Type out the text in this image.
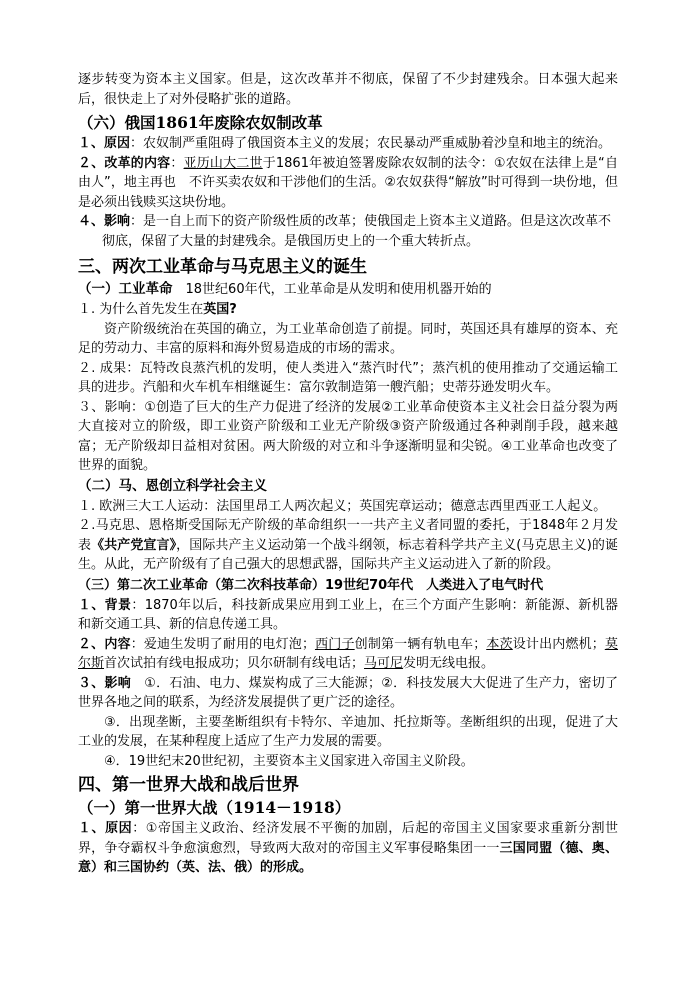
逐步转变为资本主义国家。但是，这次改革并不彻底，保留了不少封建残余。日本强大起来后，很快走上了对外侵略扩张的道路。

（六）俄国1861年废除农奴制改革

１、原因：农奴制严重阻碍了俄国资本主义的发展；农民暴动严重威胁着沙皇和地主的统治。

２、改革的内容：亚历山大二世于1861年被迫签署废除农奴制的法令：①农奴在法律上是“自由人”，地主再也　不许买卖农奴和干涉他们的生活。②农奴获得“解放”时可得到一块份地，但是必须出钱赎买这块份地。

４、影响：是一自上而下的资产阶级性质的改革；使俄国走上资本主义道路。但是这次改革不彻底，保留了大量的封建残余。是俄国历史上的一个重大转折点。

三、两次工业革命与马克思主义的诞生

（一）工业革命　18世纪60年代，工业革命是从发明和使用机器开始的

１. 为什么首先发生在英国?

资产阶级统治在英国的确立，为工业革命创造了前提。同时，英国还具有雄厚的资本、充足的劳动力、丰富的原料和海外贸易造成的市场的需求。

２. 成果：瓦特改良蒸汽机的发明，使人类进入“蒸汽时代”；蒸汽机的使用推动了交通运输工具的进步。汽船和火车机车相继诞生：富尔敦制造第一艘汽船；史蒂芬逊发明火车。

３、影响：①创造了巨大的生产力促进了经济的发展②工业革命使资本主义社会日益分裂为两大直接对立的阶级，即工业资产阶级和工业无产阶级③资产阶级通过各种剥削手段，越来越富；无产阶级却日益相对贫困。两大阶级的对立和斗争逐渐明显和尖锐。④工业革命也改变了世界的面貌。

（二）马、恩创立科学社会主义

１. 欧洲三大工人运动：法国里昂工人两次起义；英国宪章运动；德意志西里西亚工人起义。

２.马克思、恩格斯受国际无产阶级的革命组织一一共产主义者同盟的委托，于1848年２月发表《共产党宣言》，国际共产主义运动第一个战斗纲领，标志着科学共产主义(马克思主义)的诞生。从此，无产阶级有了自己强大的思想武器，国际共产主义运动进入了新的阶段。

（三）第二次工业革命（第二次科技革命）19世纪70年代　人类进入了电气时代

１、背景：1870年以后，科技新成果应用到工业上，在三个方面产生影响：新能源、新机器和新交通工具、新的信息传递工具。

２、内容：爱迪生发明了耐用的电灯泡；西门子创制第一辆有轨电车；本茨设计出内燃机；莫尔斯首次试拍有线电报成功；贝尔研制有线电话；马可尼发明无线电报。

３、影响　①．石油、电力、煤炭构成了三大能源；②．科技发展大大促进了生产力，密切了世界各地之间的联系，为经济发展提供了更广泛的途径。

③．出现垄断，主要垄断组织有卡特尔、辛迪加、托拉斯等。垄断组织的出现，促进了大工业的发展，在某种程度上适应了生产力发展的需要。

④．19世纪末20世纪初，主要资本主义国家进入帝国主义阶段。

四、第一世界大战和战后世界

（一）第一世界大战（1914－1918）

１、原因：①帝国主义政治、经济发展不平衡的加剧，后起的帝国主义国家要求重新分割世界，争夺霸权斗争愈演愈烈，导致两大敌对的帝国主义军事侵略集团一一三国同盟（德、奥、意）和三国协约（英、法、俄）的形成。
